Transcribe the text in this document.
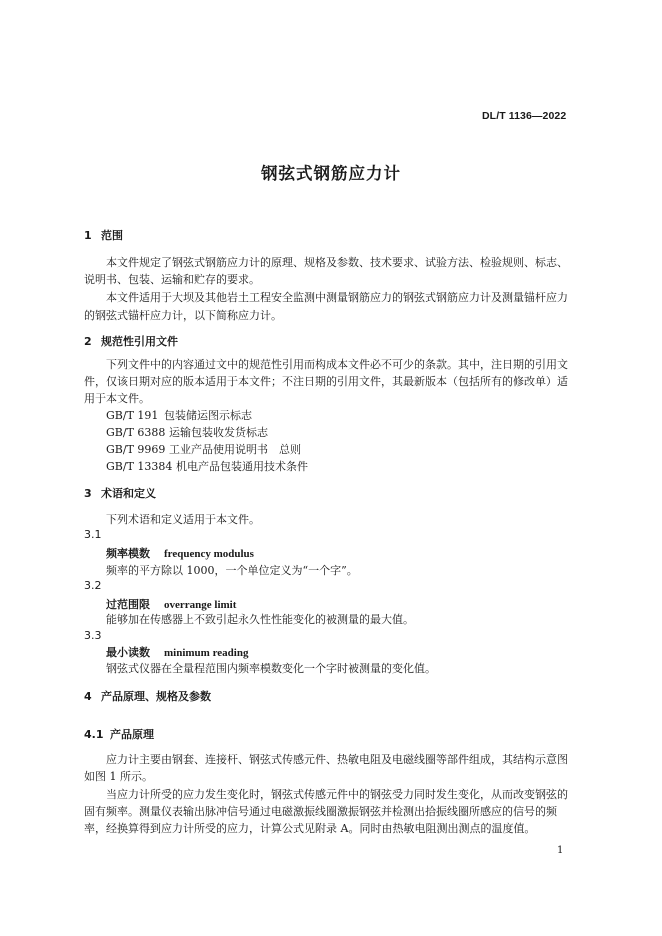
DL/T 1136—2022
钢弦式钢筋应力计
1 范围
本文件规定了钢弦式钢筋应力计的原理、规格及参数、技术要求、试验方法、检验规则、标志、
说明书、包装、运输和贮存的要求。
本文件适用于大坝及其他岩土工程安全监测中测量钢筋应力的钢弦式钢筋应力计及测量锚杆应力
的钢弦式锚杆应力计，以下简称应力计。
2 规范性引用文件
下列文件中的内容通过文中的规范性引用而构成本文件必不可少的条款。其中，注日期的引用文
件，仅该日期对应的版本适用于本文件；不注日期的引用文件，其最新版本（包括所有的修改单）适
用于本文件。
GB/T 191 包装储运图示标志
GB/T 6388 运输包装收发货标志
GB/T 9969 工业产品使用说明书　总则
GB/T 13384 机电产品包装通用技术条件
3 术语和定义
下列术语和定义适用于本文件。
3.1
频率模数 frequency modulus
频率的平方除以 1000，一个单位定义为“一个字”。
3.2
过范围限 overrange limit
能够加在传感器上不致引起永久性性能变化的被测量的最大值。
3.3
最小读数 minimum reading
钢弦式仪器在全量程范围内频率模数变化一个字时被测量的变化值。
4 产品原理、规格及参数
4.1 产品原理
应力计主要由钢套、连接杆、钢弦式传感元件、热敏电阻及电磁线圈等部件组成，其结构示意图
如图 1 所示。
当应力计所受的应力发生变化时，钢弦式传感元件中的钢弦受力同时发生变化，从而改变钢弦的
固有频率。测量仪表输出脉冲信号通过电磁激振线圈激振钢弦并检测出拾振线圈所感应的信号的频
率，经换算得到应力计所受的应力，计算公式见附录 A。同时由热敏电阻测出测点的温度值。
1
